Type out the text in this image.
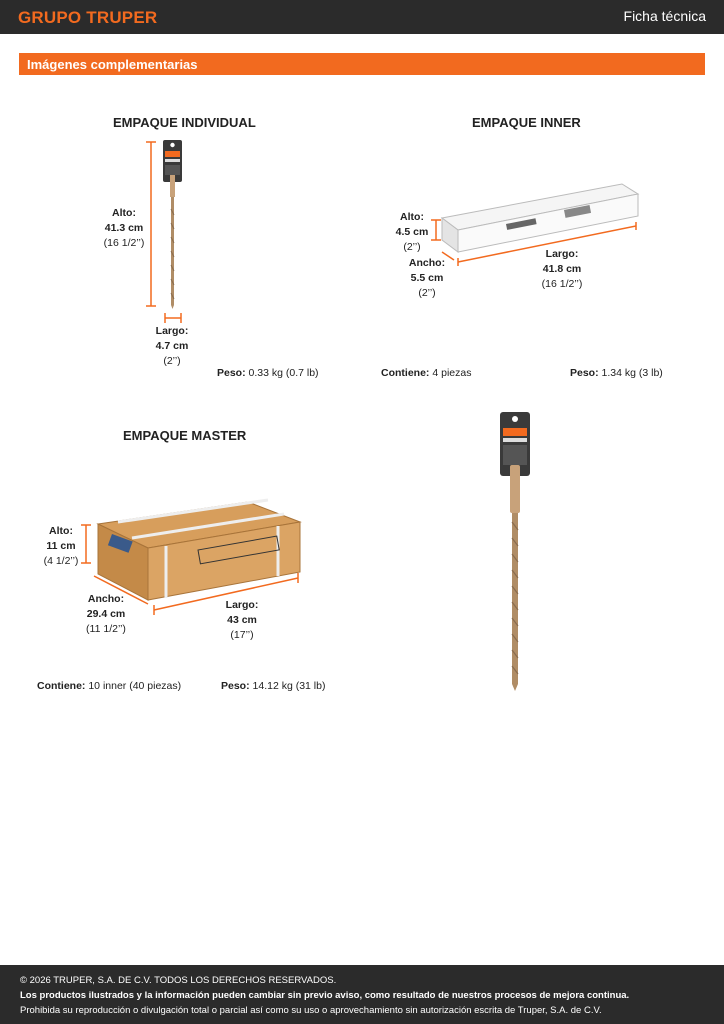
GRUPO TRUPER	Ficha técnica
Imágenes complementarias
EMPAQUE INDIVIDUAL
Alto:
41.3 cm
(16 1/2’’)
Largo:
4.7 cm
(2’’)
Peso: 0.33 kg (0.7 lb)
EMPAQUE INNER
Alto:
4.5 cm
(2’’)
Ancho:
5.5 cm
(2’’)
Largo:
41.8 cm
(16 1/2’’)
Contiene: 4 piezas	Peso: 1.34 kg (3 lb)
EMPAQUE MASTER
Alto:
11 cm
(4 1/2’’)
Ancho:
29.4 cm
(11 1/2’’)
Largo:
43 cm
(17’’)
Contiene: 10 inner (40 piezas)	Peso: 14.12 kg (31 lb)
© 2026 TRUPER, S.A. DE C.V. TODOS LOS DERECHOS RESERVADOS.
Los productos ilustrados y la información pueden cambiar sin previo aviso, como resultado de nuestros procesos de mejora continua.
Prohibida su reproducción o divulgación total o parcial así como su uso o aprovechamiento sin autorización escrita de Truper, S.A. de C.V.
